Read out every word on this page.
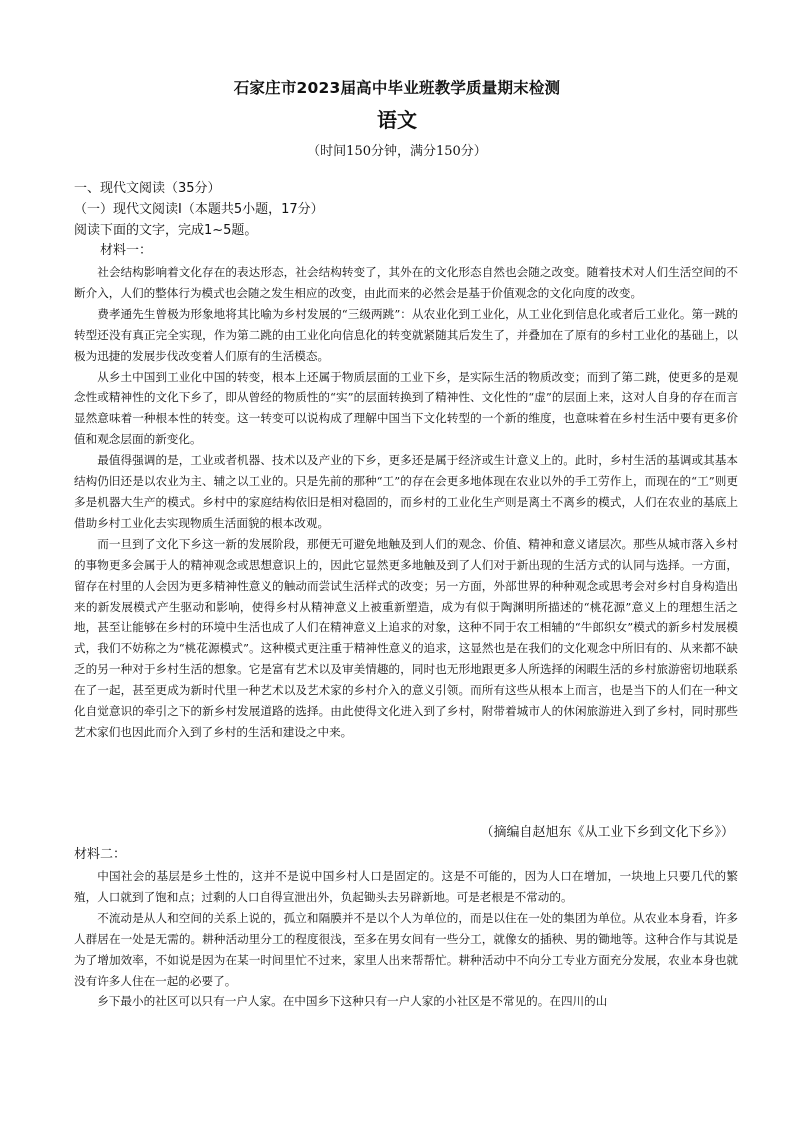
石家庄市2023届高中毕业班教学质量期末检测
语文
（时间150分钟，满分150分）
一、现代文阅读（35分）
（一）现代文阅读Ⅰ（本题共5小题，17分）
阅读下面的文字，完成1~5题。
材料一：

社会结构影响着文化存在的表达形态，社会结构转变了，其外在的文化形态自然也会随之改变。随着技术对人们生活空间的不断介入，人们的整体行为模式也会随之发生相应的改变，由此而来的必然会是基于价值观念的文化向度的改变。

费孝通先生曾极为形象地将其比喻为乡村发展的“三级两跳”：从农业化到工业化，从工业化到信息化或者后工业化。第一跳的转型还没有真正完全实现，作为第二跳的由工业化向信息化的转变就紧随其后发生了，并叠加在了原有的乡村工业化的基础上，以极为迅捷的发展步伐改变着人们原有的生活模态。

从乡土中国到工业化中国的转变，根本上还属于物质层面的工业下乡，是实际生活的物质改变；而到了第二跳，使更多的是观念性或精神性的文化下乡了，即从曾经的物质性的“实”的层面转换到了精神性、文化性的“虚”的层面上来，这对人自身的存在而言显然意味着一种根本性的转变。这一转变可以说构成了理解中国当下文化转型的一个新的维度，也意味着在乡村生活中要有更多价值和观念层面的新变化。

最值得强调的是，工业或者机器、技术以及产业的下乡，更多还是属于经济或生计意义上的。此时，乡村生活的基调或其基本结构仍旧还是以农业为主、辅之以工业的。只是先前的那种“工”的存在会更多地体现在农业以外的手工劳作上，而现在的“工”则更多是机器大生产的模式。乡村中的家庭结构依旧是相对稳固的，而乡村的工业化生产则是离土不离乡的模式，人们在农业的基底上借助乡村工业化去实现物质生活面貌的根本改观。

而一旦到了文化下乡这一新的发展阶段，那便无可避免地触及到人们的观念、价值、精神和意义诸层次。那些从城市落入乡村的事物更多会属于人的精神观念或思想意识上的，因此它显然更多地触及到了人们对于新出现的生活方式的认同与选择。一方面，留存在村里的人会因为更多精神性意义的触动而尝试生活样式的改变；另一方面，外部世界的种种观念或思考会对乡村自身构造出来的新发展模式产生驱动和影响，使得乡村从精神意义上被重新塑造，成为有似于陶渊明所描述的“桃花源”意义上的理想生活之地，甚至让能够在乡村的环境中生活也成了人们在精神意义上追求的对象，这种不同于农工相辅的“牛郎织女”模式的新乡村发展模式，我们不妨称之为“桃花源模式”。这种模式更注重于精神性意义的追求，这显然也是在我们的文化观念中所旧有的、从来都不缺乏的另一种对于乡村生活的想象。它是富有艺术以及审美情趣的，同时也无形地跟更多人所选择的闲暇生活的乡村旅游密切地联系在了一起，甚至更成为新时代里一种艺术以及艺术家的乡村介入的意义引领。而所有这些从根本上而言，也是当下的人们在一种文化自觉意识的牵引之下的新乡村发展道路的选择。由此使得文化进入到了乡村，附带着城市人的休闲旅游进入到了乡村，同时那些艺术家们也因此而介入到了乡村的生活和建设之中来。

（摘编自赵旭东《从工业下乡到文化下乡》）
材料二：

中国社会的基层是乡土性的，这并不是说中国乡村人口是固定的。这是不可能的，因为人口在增加，一块地上只要几代的繁殖，人口就到了饱和点；过剩的人口自得宣泄出外，负起锄头去另辟新地。可是老根是不常动的。

不流动是从人和空间的关系上说的，孤立和隔膜并不是以个人为单位的，而是以住在一处的集团为单位。从农业本身看，许多人群居在一处是无需的。耕种活动里分工的程度很浅，至多在男女间有一些分工，就像女的插秧、男的锄地等。这种合作与其说是为了增加效率，不如说是因为在某一时间里忙不过来，家里人出来帮帮忙。耕种活动中不向分工专业方面充分发展，农业本身也就没有许多人住在一起的必要了。

乡下最小的社区可以只有一户人家。在中国乡下这种只有一户人家的小社区是不常见的。在四川的山
